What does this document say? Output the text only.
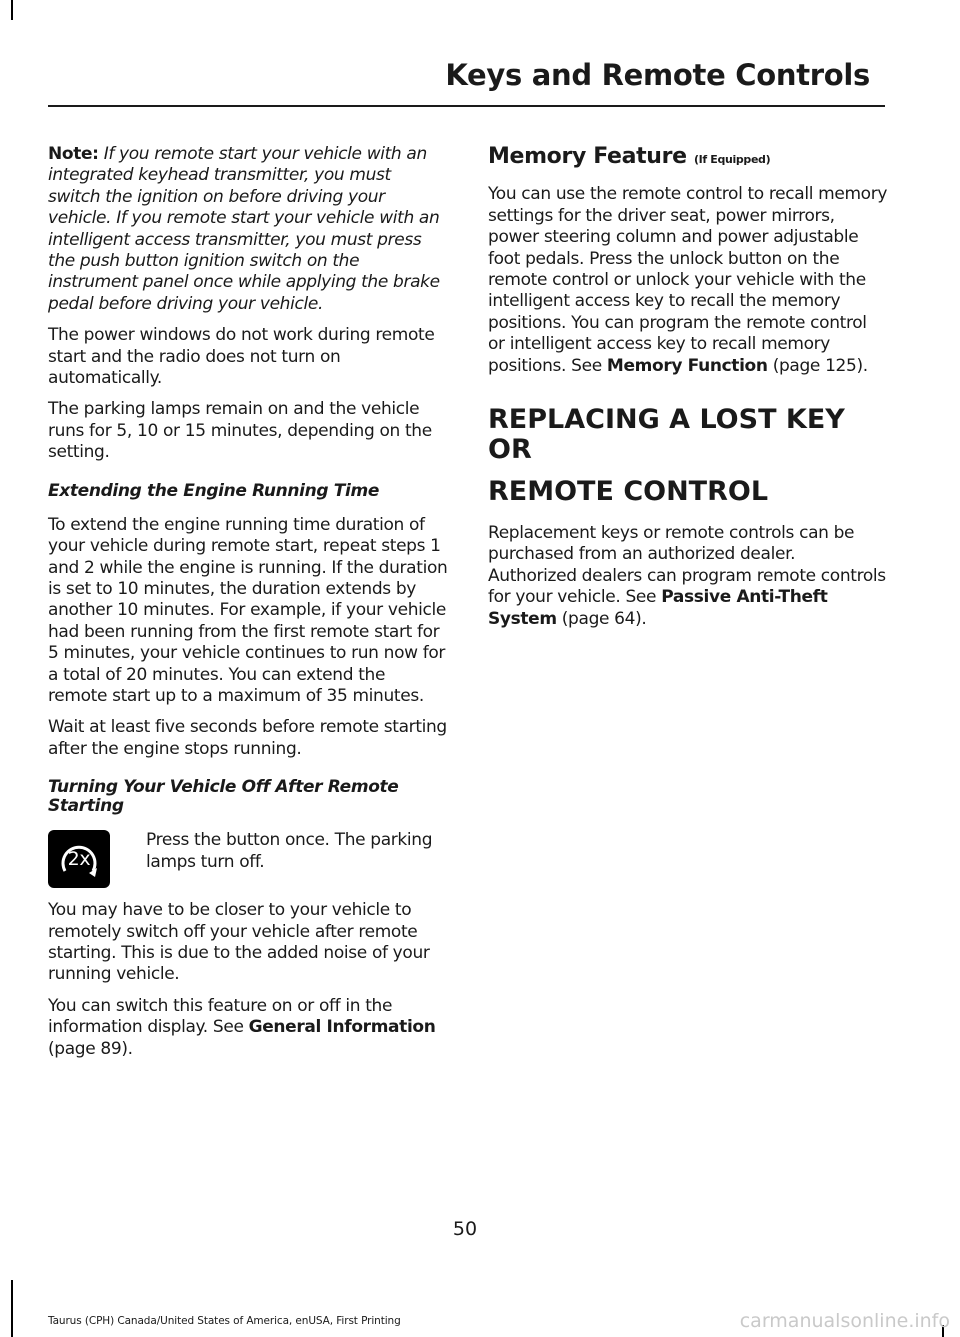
Keys and Remote Controls

Note: If you remote start your vehicle with an integrated keyhead transmitter, you must switch the ignition on before driving your vehicle. If you remote start your vehicle with an intelligent access transmitter, you must press the push button ignition switch on the instrument panel once while applying the brake pedal before driving your vehicle.

The power windows do not work during remote start and the radio does not turn on automatically.

The parking lamps remain on and the vehicle runs for 5, 10 or 15 minutes, depending on the setting.

Extending the Engine Running Time

To extend the engine running time duration of your vehicle during remote start, repeat steps 1 and 2 while the engine is running. If the duration is set to 10 minutes, the duration extends by another 10 minutes. For example, if your vehicle had been running from the first remote start for 5 minutes, your vehicle continues to run now for a total of 20 minutes. You can extend the remote start up to a maximum of 35 minutes.

Wait at least five seconds before remote starting after the engine stops running.

Turning Your Vehicle Off After Remote Starting
2x

Press the button once. The parking lamps turn off.

You may have to be closer to your vehicle to remotely switch off your vehicle after remote starting. This is due to the added noise of your running vehicle.

You can switch this feature on or off in the information display. See General Information (page 89).

Memory Feature (If Equipped)

You can use the remote control to recall memory settings for the driver seat, power mirrors, power steering column and power adjustable foot pedals. Press the unlock button on the remote control or unlock your vehicle with the intelligent access key to recall the memory positions. You can program the remote control or intelligent access key to recall memory positions. See Memory Function (page 125).

REPLACING A LOST KEY OR
REMOTE CONTROL

Replacement keys or remote controls can be purchased from an authorized dealer. Authorized dealers can program remote controls for your vehicle. See Passive Anti-Theft System (page 64).

50
Taurus (CPH) Canada/United States of America, enUSA, First Printing	carmanualsonline.info
